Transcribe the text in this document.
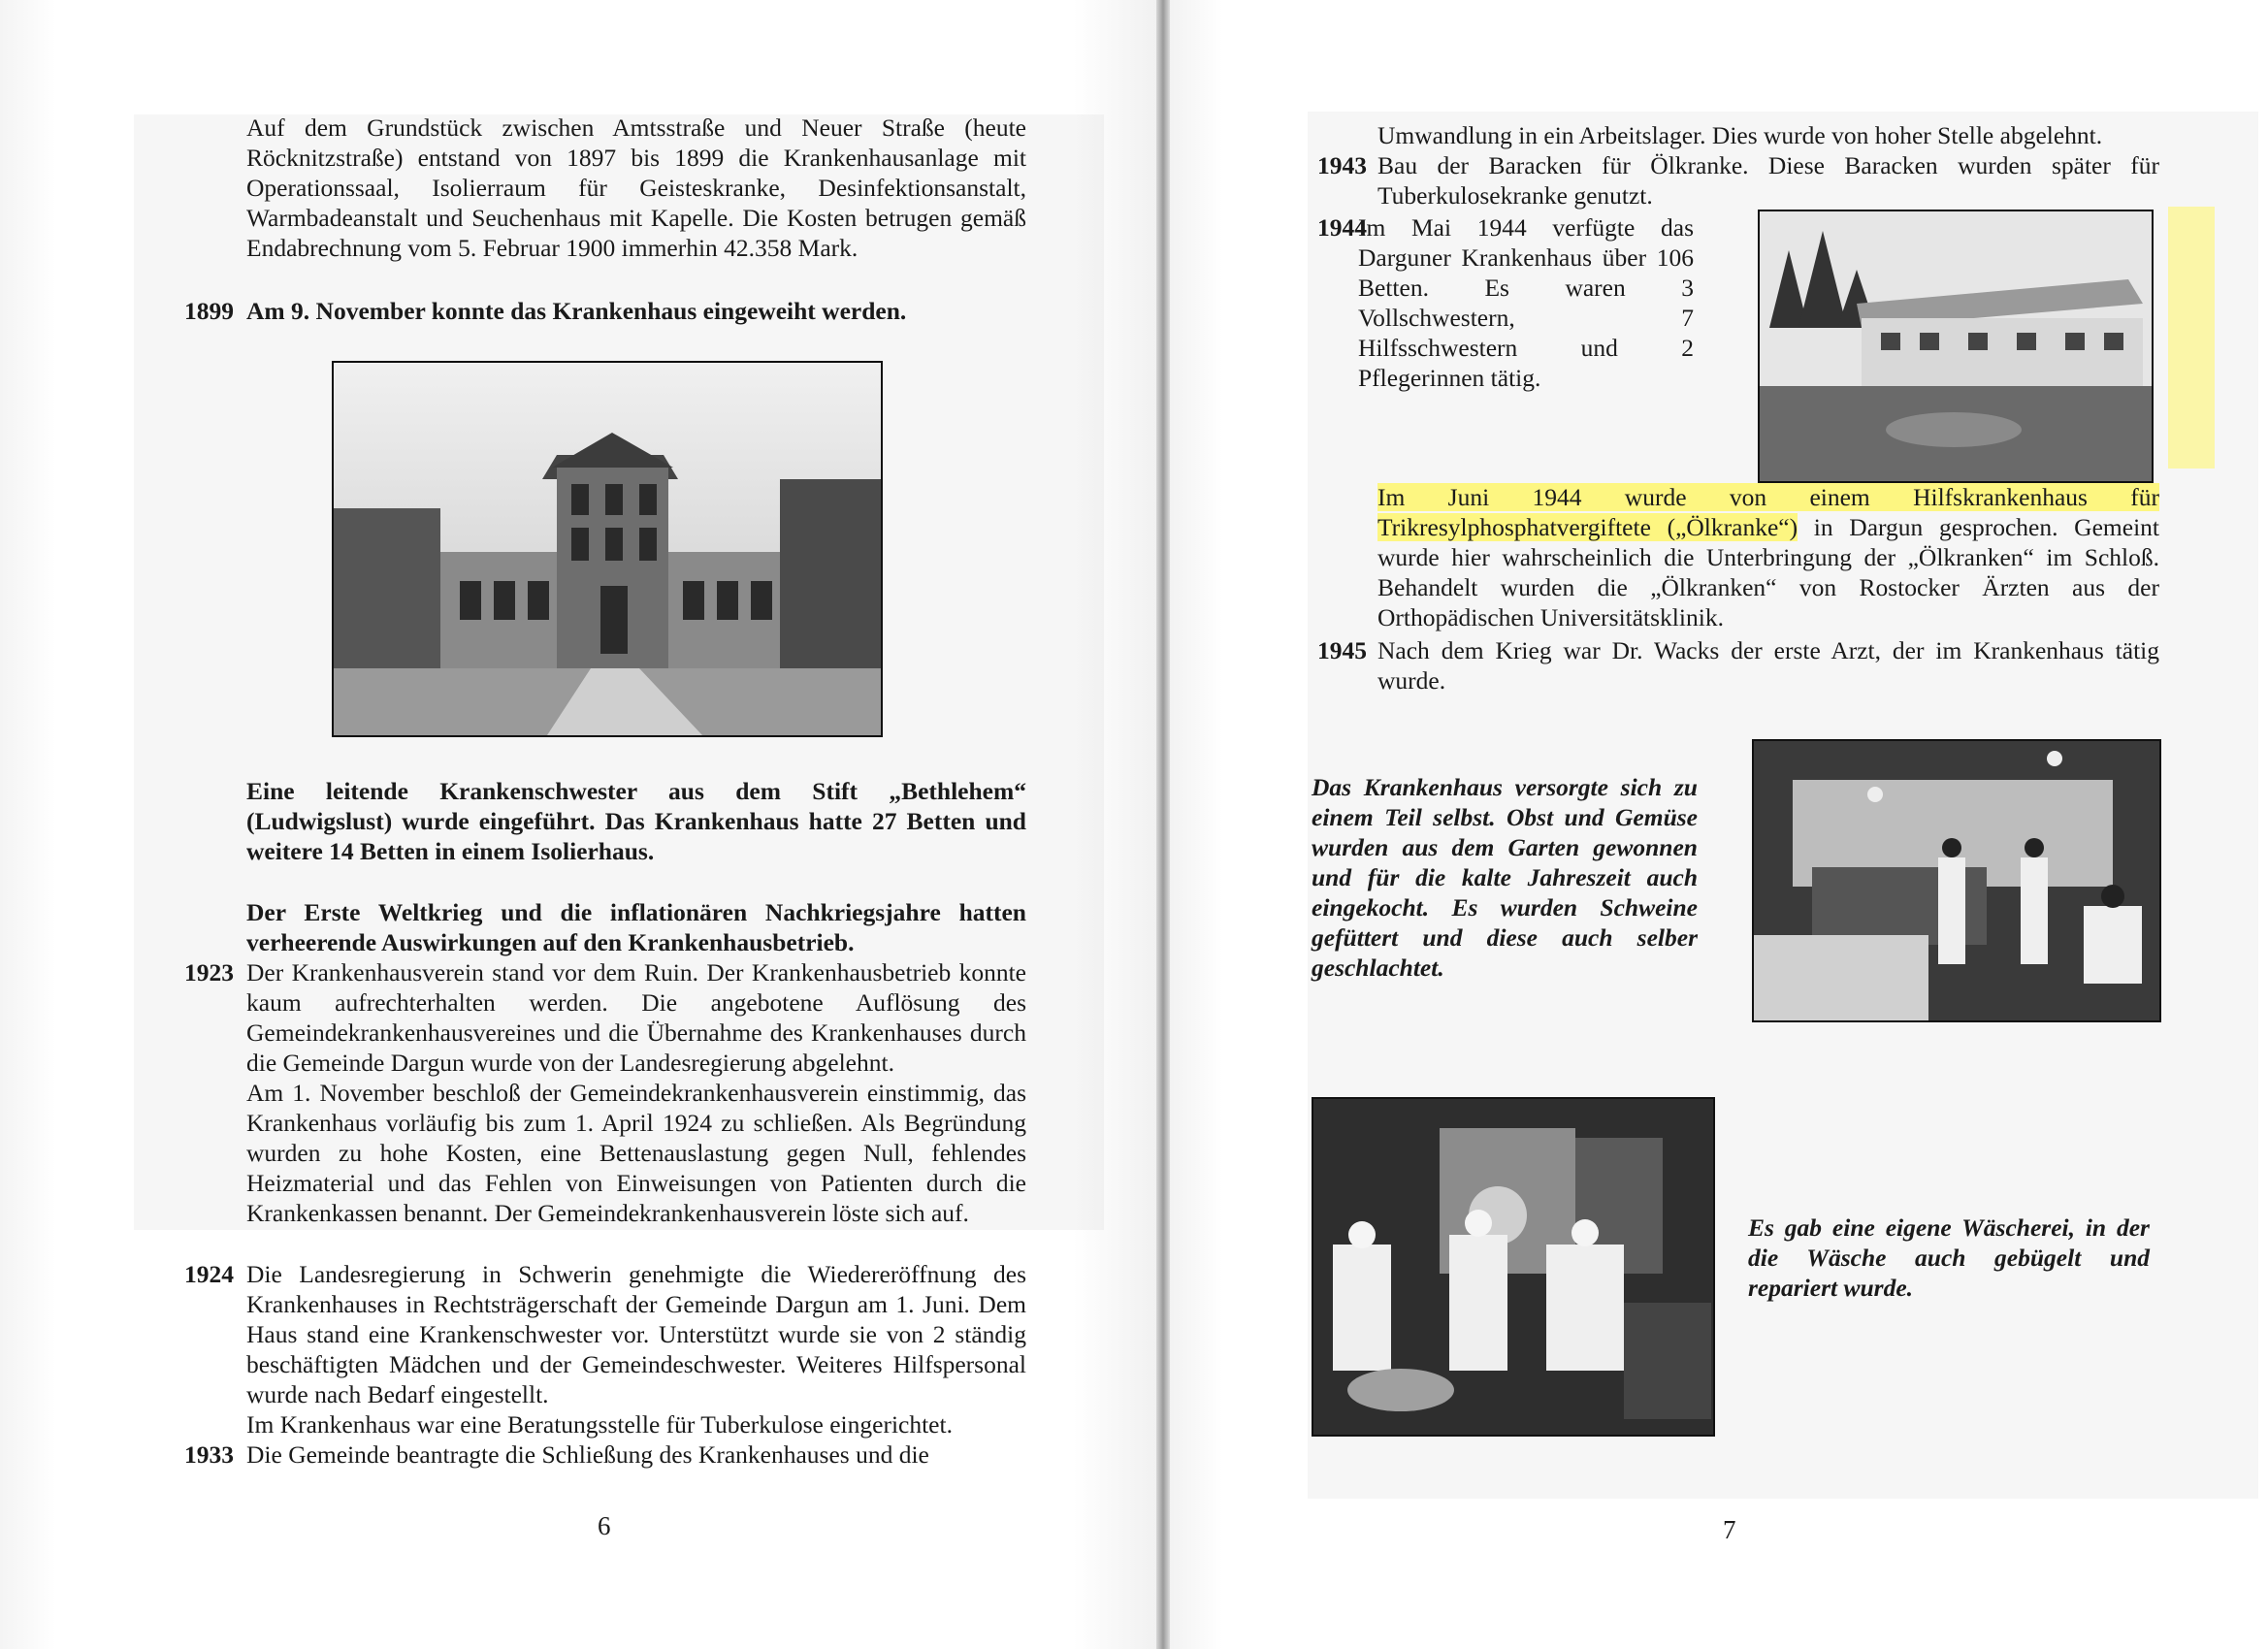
Auf dem Grundstück zwischen Amtsstraße und Neuer Straße (heute Röcknitzstraße) entstand von 1897 bis 1899 die Krankenhausanlage mit Operationssaal, Isolierraum für Geisteskranke, Desinfektionsanstalt, Warmbadeanstalt und Seuchenhaus mit Kapelle. Die Kosten betrugen gemäß Endabrechnung vom 5. Februar 1900 immerhin 42.358 Mark.
1899 Am 9. November konnte das Krankenhaus eingeweiht werden.
Eine leitende Krankenschwester aus dem Stift „Bethlehem“ (Ludwigslust) wurde eingeführt. Das Krankenhaus hatte 27 Betten und weitere 14 Betten in einem Isolierhaus.
Der Erste Weltkrieg und die inflationären Nachkriegsjahre hatten verheerende Auswirkungen auf den Krankenhausbetrieb.
1923 Der Krankenhausverein stand vor dem Ruin. Der Krankenhausbetrieb konnte kaum aufrechterhalten werden. Die angebotene Auflösung des Gemeindekrankenhausvereines und die Übernahme des Krankenhauses durch die Gemeinde Dargun wurde von der Landesregierung abgelehnt.

Am 1. November beschloß der Gemeindekrankenhausverein einstimmig, das Krankenhaus vorläufig bis zum 1. April 1924 zu schließen. Als Begründung wurden zu hohe Kosten, eine Bettenauslastung gegen Null, fehlendes Heizmaterial und das Fehlen von Einweisungen von Patienten durch die Krankenkassen benannt. Der Gemeindekrankenhausverein löste sich auf.

1924 Die Landesregierung in Schwerin genehmigte die Wiedereröffnung des Krankenhauses in Rechtsträgerschaft der Gemeinde Dargun am 1. Juni. Dem Haus stand eine Krankenschwester vor. Unterstützt wurde sie von 2 ständig beschäftigten Mädchen und der Gemeindeschwester. Weiteres Hilfspersonal wurde nach Bedarf eingestellt.

Im Krankenhaus war eine Beratungsstelle für Tuberkulose eingerichtet.

1933 Die Gemeinde beantragte die Schließung des Krankenhauses und die
6
Umwandlung in ein Arbeitslager. Dies wurde von hoher Stelle abgelehnt.
1943 Bau der Baracken für Ölkranke. Diese Baracken wurden später für Tuberkulosekranke genutzt.
1944
Im Mai 1944 verfügte das Darguner Krankenhaus über 106 Betten. Es waren 3 Vollschwestern, 7 Hilfsschwestern und 2 Pflegerinnen tätig.
Im Juni 1944 wurde von einem Hilfskrankenhaus für Trikresylphosphatvergiftete („Ölkranke“) in Dargun gesprochen. Gemeint wurde hier wahrscheinlich die Unterbringung der „Ölkranken“ im Schloß. Behandelt wurden die „Ölkranken“ von Rostocker Ärzten aus der Orthopädischen Universitätsklinik.
1945 Nach dem Krieg war Dr. Wacks der erste Arzt, der im Krankenhaus tätig wurde.
Das Krankenhaus versorgte sich zu einem Teil selbst. Obst und Gemüse wurden aus dem Garten gewonnen und für die kalte Jahreszeit auch eingekocht. Es wurden Schweine gefüttert und diese auch selber geschlachtet.
Es gab eine eigene Wäscherei, in der die Wäsche auch gebügelt und repariert wurde.
7
